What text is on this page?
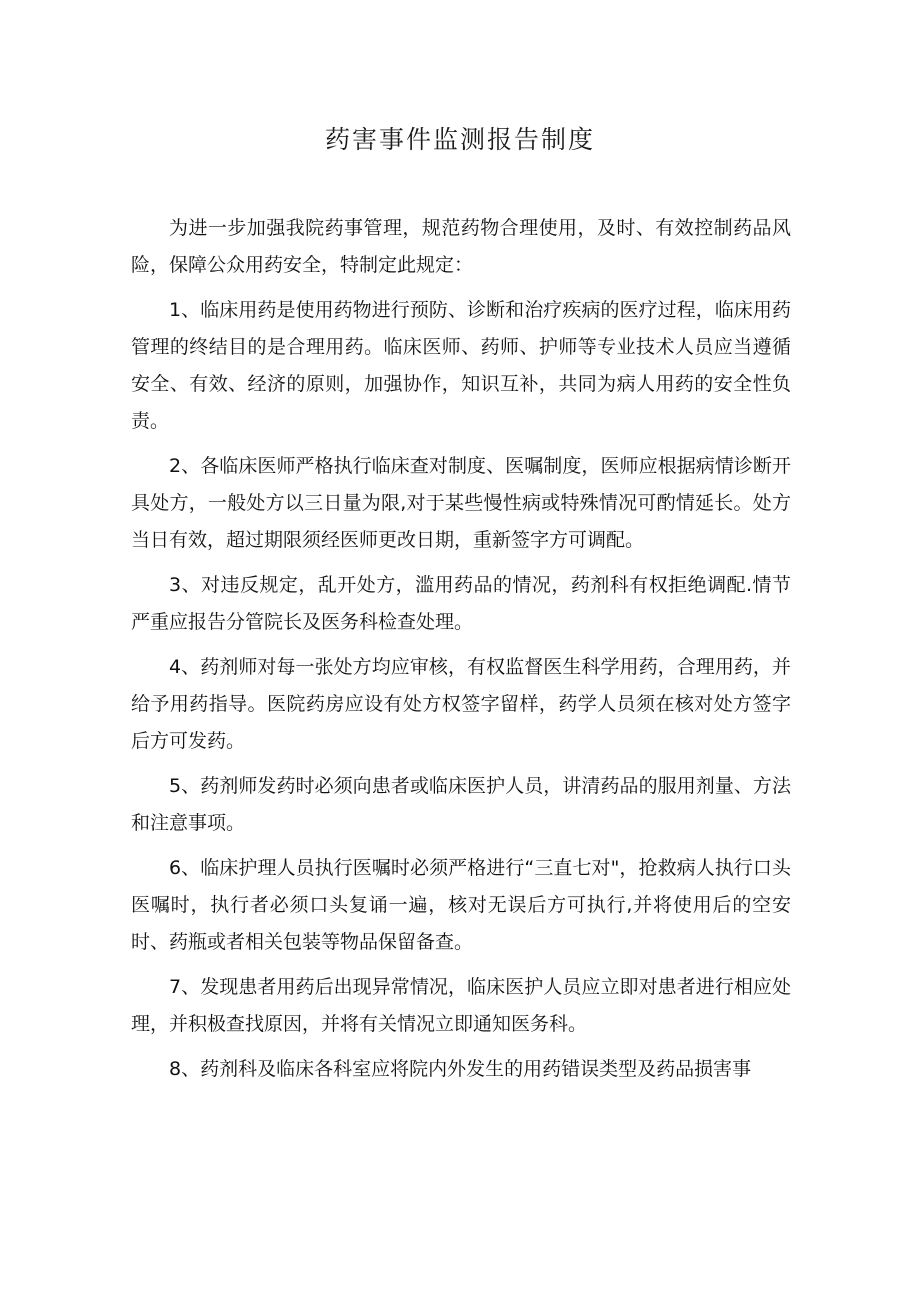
药害事件监测报告制度

为进一步加强我院药事管理，规范药物合理使用，及时、有效控制药品风险，保障公众用药安全，特制定此规定：

1、临床用药是使用药物进行预防、诊断和治疗疾病的医疗过程，临床用药管理的终结目的是合理用药。临床医师、药师、护师等专业技术人员应当遵循安全、有效、经济的原则，加强协作，知识互补，共同为病人用药的安全性负责。

2、各临床医师严格执行临床查对制度、医嘱制度，医师应根据病情诊断开具处方，一般处方以三日量为限,对于某些慢性病或特殊情况可酌情延长。处方当日有效，超过期限须经医师更改日期，重新签字方可调配。

3、对违反规定，乱开处方，滥用药品的情况，药剂科有权拒绝调配.情节严重应报告分管院长及医务科检查处理。

4、药剂师对每一张处方均应审核，有权监督医生科学用药，合理用药，并给予用药指导。医院药房应设有处方权签字留样，药学人员须在核对处方签字后方可发药。

5、药剂师发药时必须向患者或临床医护人员，讲清药品的服用剂量、方法和注意事项。

6、临床护理人员执行医嘱时必须严格进行“三直七对"，抢救病人执行口头医嘱时，执行者必须口头复诵一遍，核对无误后方可执行,并将使用后的空安时、药瓶或者相关包装等物品保留备查。

7、发现患者用药后出现异常情况，临床医护人员应立即对患者进行相应处理，并积极查找原因，并将有关情况立即通知医务科。

8、药剂科及临床各科室应将院内外发生的用药错误类型及药品损害事
